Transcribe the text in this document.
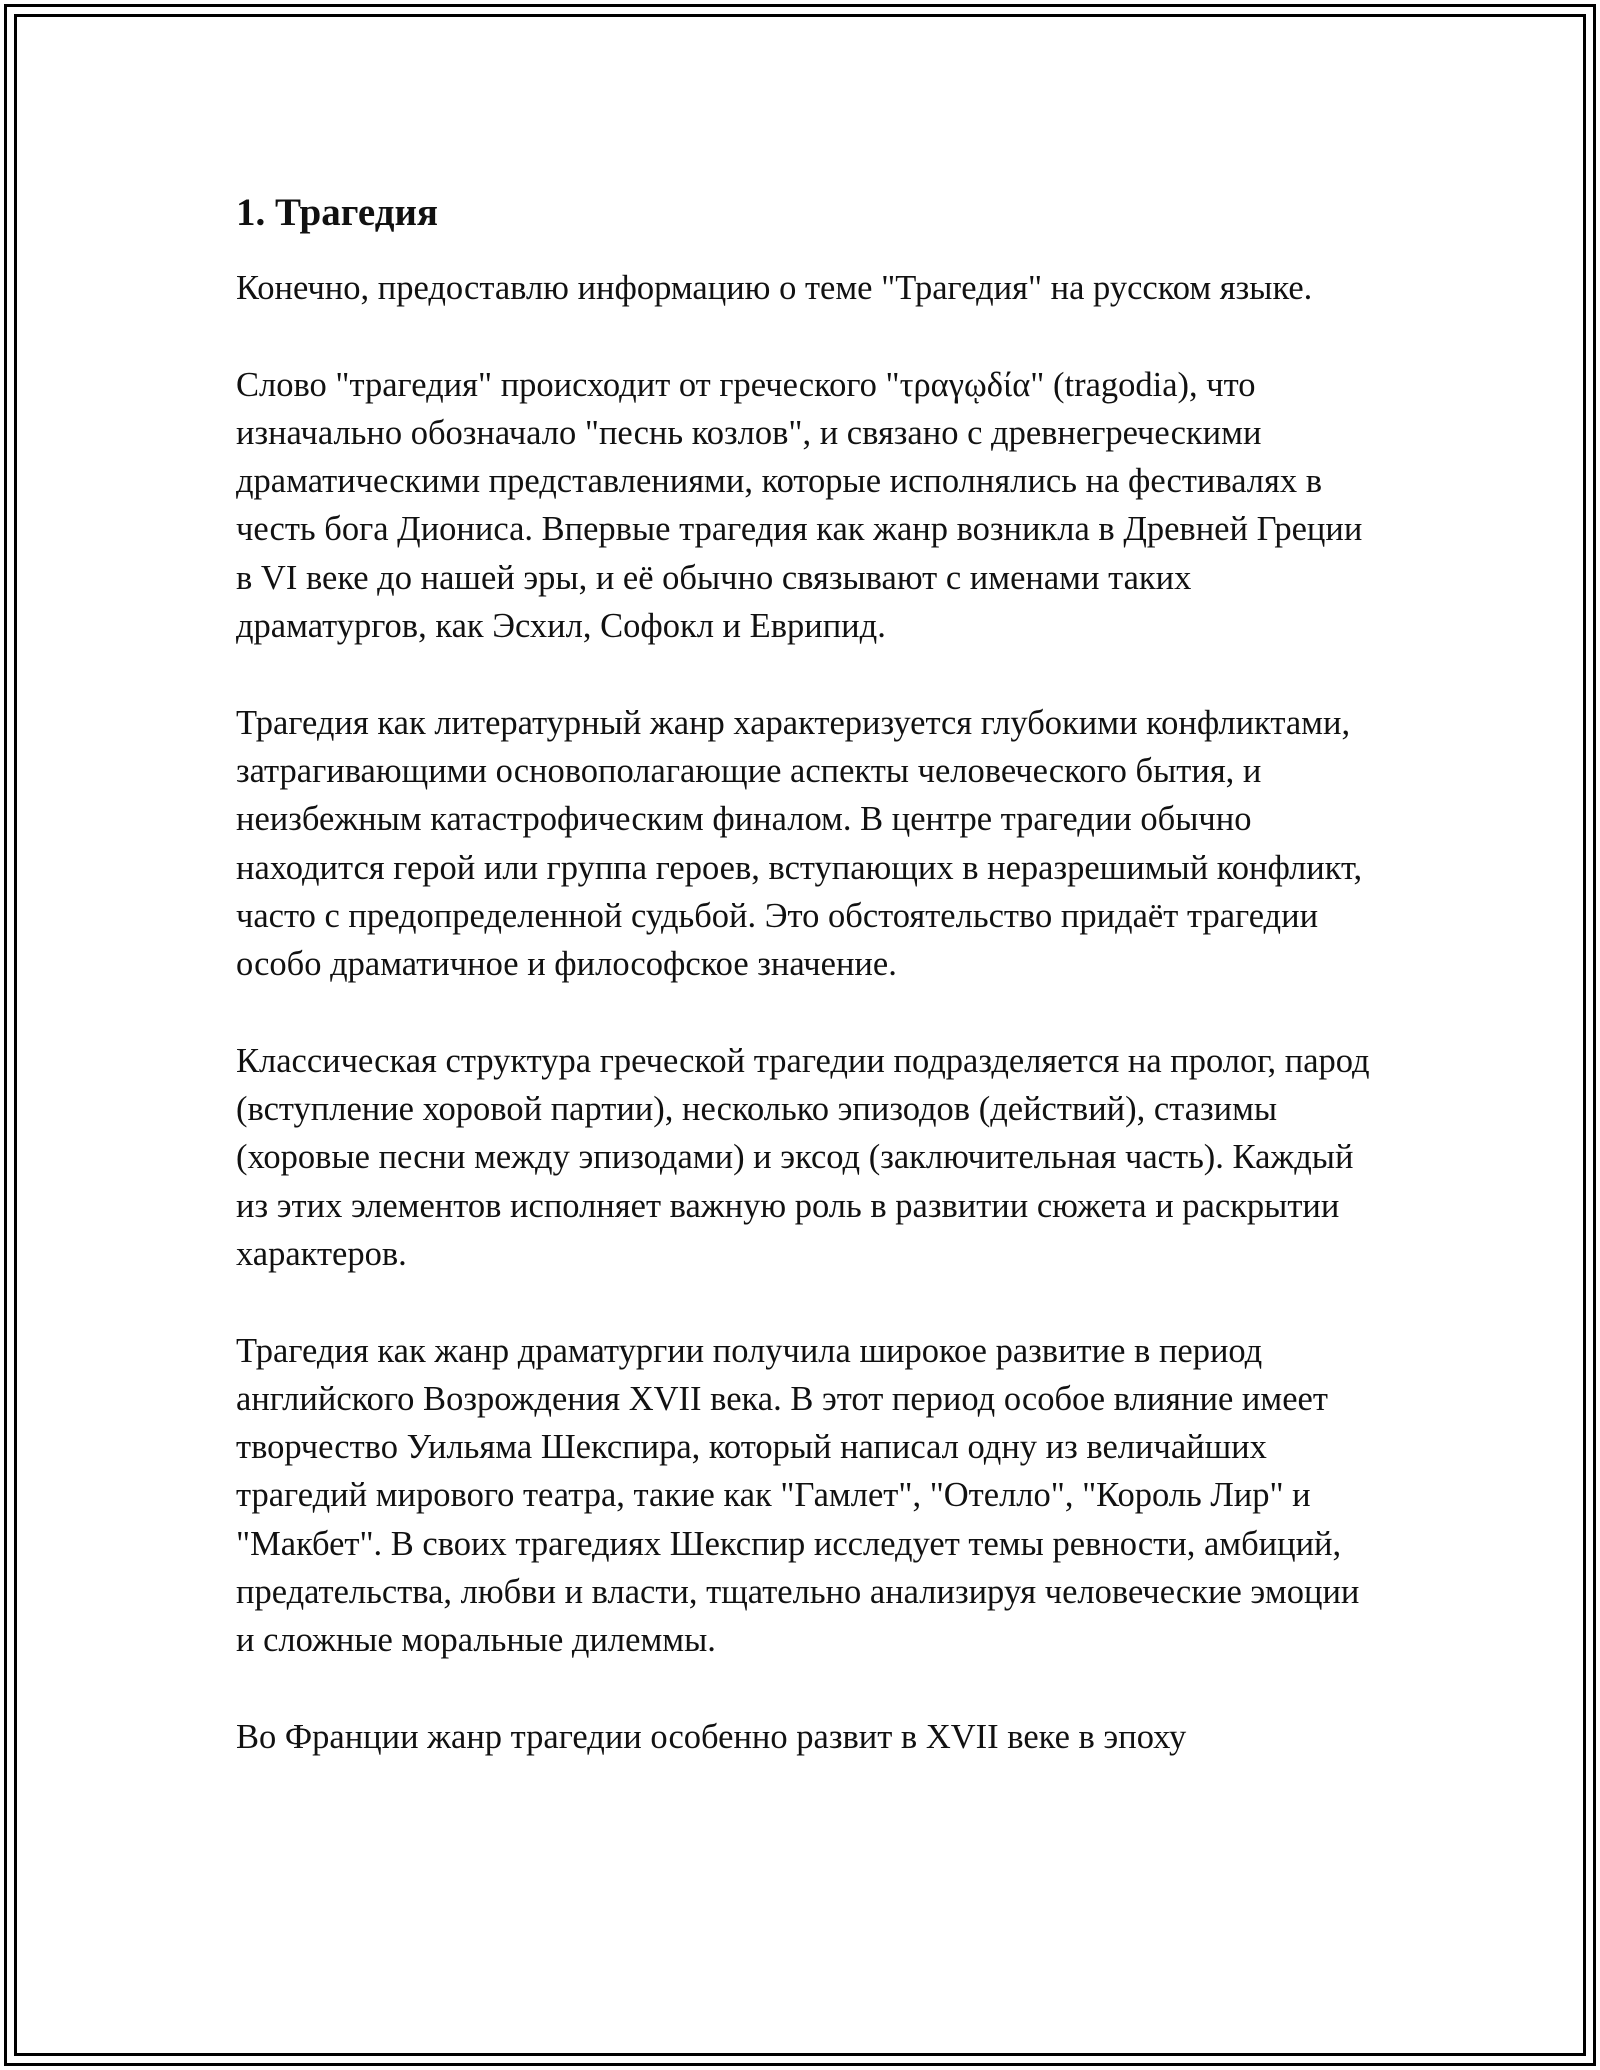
1. Трагедия

Конечно, предоставлю информацию о теме "Трагедия" на русском языке.

Слово "трагедия" происходит от греческого "τραγῳδία" (tragodia), что изначально обозначало "песнь козлов", и связано с древнегреческими драматическими представлениями, которые исполнялись на фестивалях в честь бога Диониса. Впервые трагедия как жанр возникла в Древней Греции в VI веке до нашей эры, и её обычно связывают с именами таких драматургов, как Эсхил, Софокл и Еврипид.

Трагедия как литературный жанр характеризуется глубокими конфликтами, затрагивающими основополагающие аспекты человеческого бытия, и неизбежным катастрофическим финалом. В центре трагедии обычно находится герой или группа героев, вступающих в неразрешимый конфликт, часто с предопределенной судьбой. Это обстоятельство придаёт трагедии особо драматичное и философское значение.

Классическая структура греческой трагедии подразделяется на пролог, парод (вступление хоровой партии), несколько эпизодов (действий), стазимы (хоровые песни между эпизодами) и эксод (заключительная часть). Каждый из этих элементов исполняет важную роль в развитии сюжета и раскрытии характеров.

Трагедия как жанр драматургии получила широкое развитие в период английского Возрождения XVII века. В этот период особое влияние имеет творчество Уильяма Шекспира, который написал одну из величайших трагедий мирового театра, такие как "Гамлет", "Отелло", "Король Лир" и "Макбет". В своих трагедиях Шекспир исследует темы ревности, амбиций, предательства, любви и власти, тщательно анализируя человеческие эмоции и сложные моральные дилеммы.

Во Франции жанр трагедии особенно развит в XVII веке в эпоху
